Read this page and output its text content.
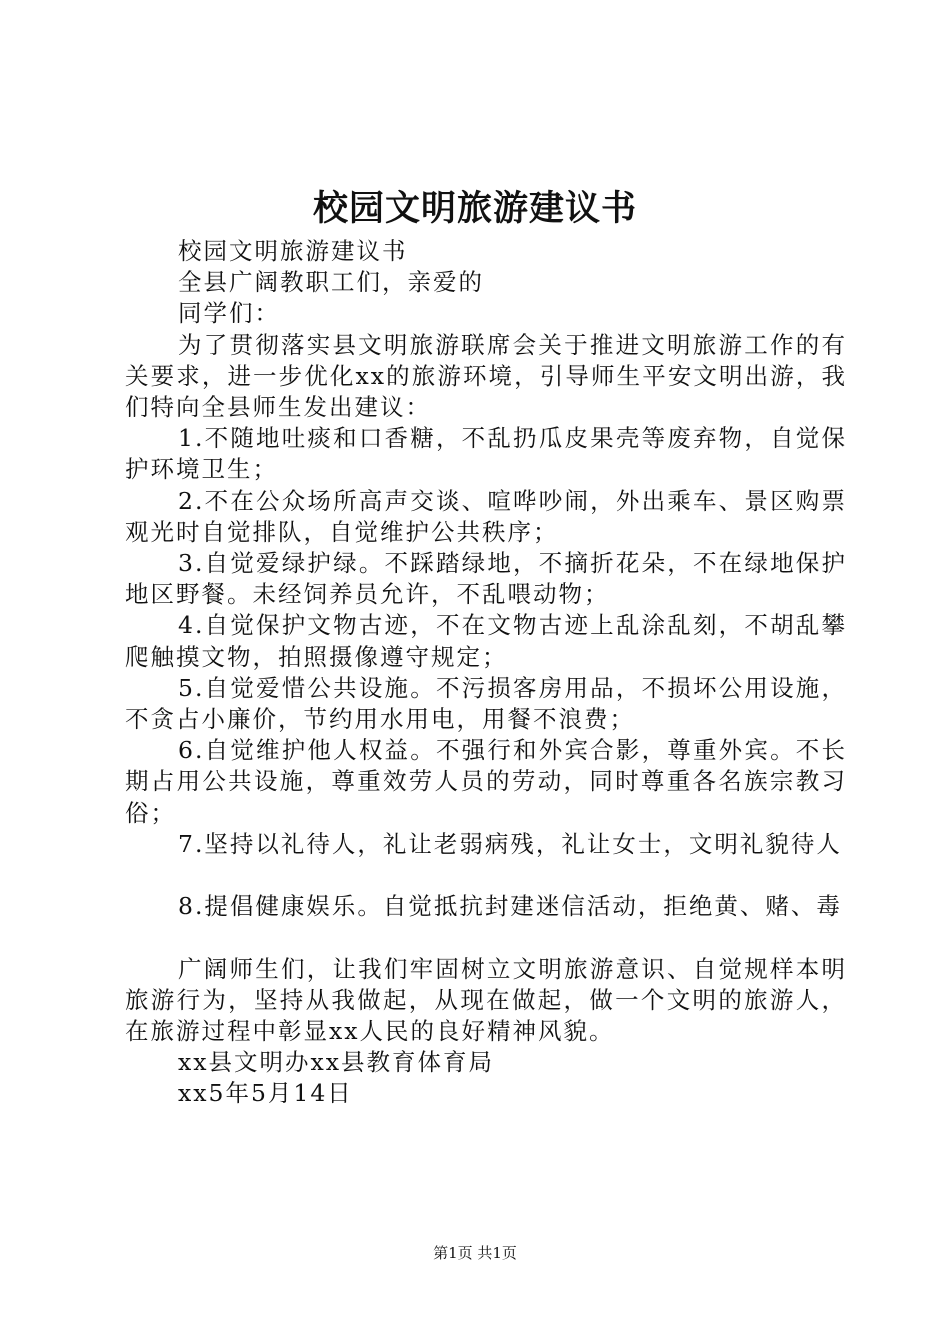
校园文明旅游建议书

校园文明旅游建议书

全县广阔教职工们，亲爱的

同学们：

为了贯彻落实县文明旅游联席会关于推进文明旅游工作的有关要求，进一步优化xx的旅游环境，引导师生平安文明出游，我们特向全县师生发出建议：

1.不随地吐痰和口香糖，不乱扔瓜皮果壳等废弃物，自觉保护环境卫生；

2.不在公众场所高声交谈、喧哗吵闹，外出乘车、景区购票观光时自觉排队，自觉维护公共秩序；

3.自觉爱绿护绿。不踩踏绿地，不摘折花朵，不在绿地保护地区野餐。未经饲养员允许，不乱喂动物；

4.自觉保护文物古迹，不在文物古迹上乱涂乱刻，不胡乱攀爬触摸文物，拍照摄像遵守规定；

5.自觉爱惜公共设施。不污损客房用品，不损坏公用设施，不贪占小廉价，节约用水用电，用餐不浪费；

6.自觉维护他人权益。不强行和外宾合影，尊重外宾。不长期占用公共设施，尊重效劳人员的劳动，同时尊重各名族宗教习俗；

7.坚持以礼待人，礼让老弱病残，礼让女士，文明礼貌待人

8.提倡健康娱乐。自觉抵抗封建迷信活动，拒绝黄、赌、毒

广阔师生们，让我们牢固树立文明旅游意识、自觉规样本明旅游行为，坚持从我做起，从现在做起，做一个文明的旅游人，在旅游过程中彰显xx人民的良好精神风貌。

xx县文明办xx县教育体育局

xx5年5月14日

第1页 共1页
